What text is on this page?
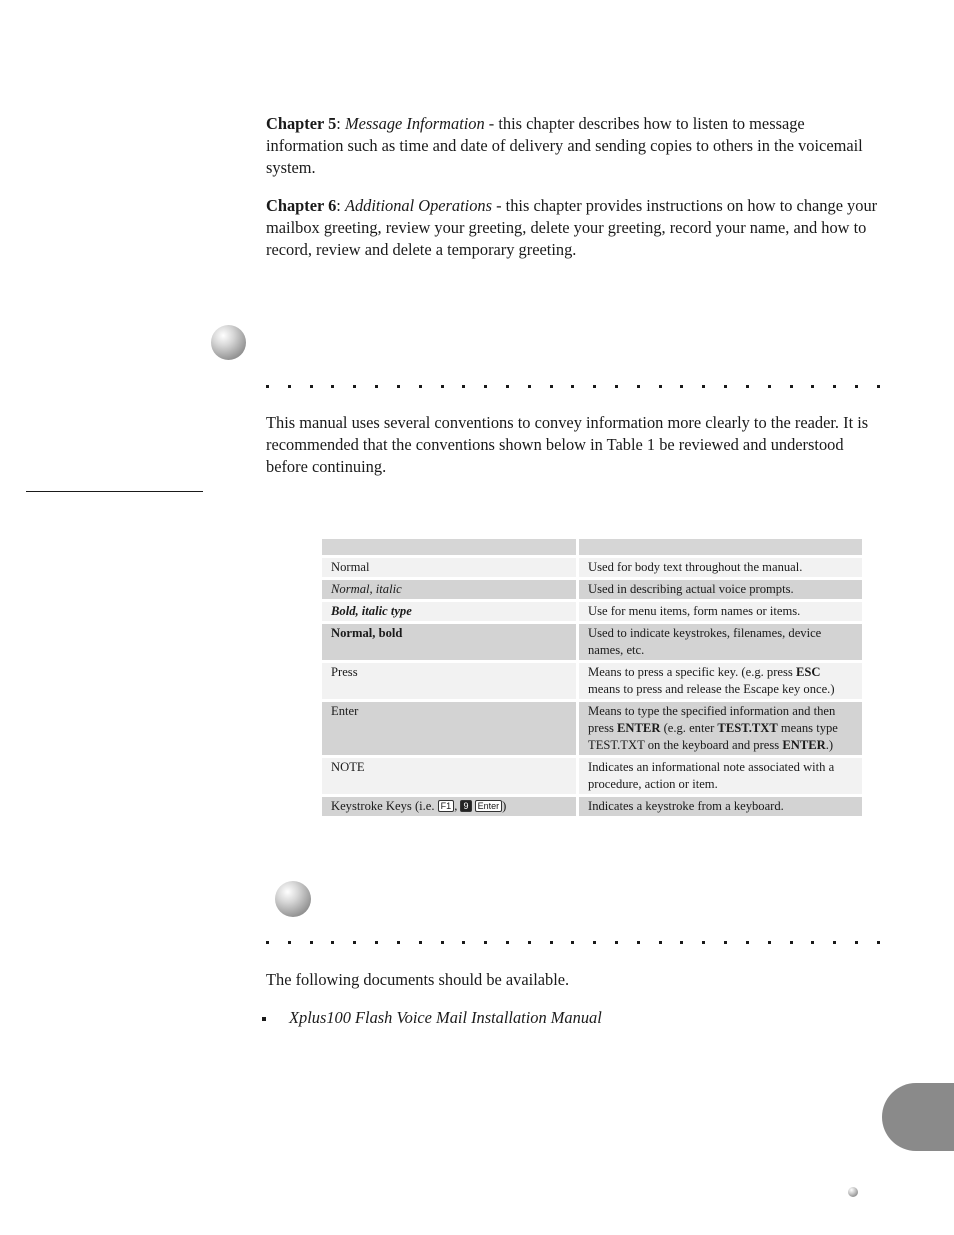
Chapter 5: Message Information - this chapter describes how to listen to message information such as time and date of delivery and sending copies to others in the voicemail system.

Chapter 6: Additional Operations - this chapter provides instructions on how to change your mailbox greeting, review your greeting, delete your greeting, record your name, and how to record, review and delete a temporary greeting.

This manual uses several conventions to convey information more clearly to the reader. It is recommended that the conventions shown below in Table 1 be reviewed and understood before continuing.

Normal	Used for body text throughout the manual.
Normal, italic	Used in describing actual voice prompts.
Bold, italic type	Use for menu items, form names or items.
Normal, bold	Used to indicate keystrokes, filenames, device names, etc.
Press	Means to press a specific key. (e.g. press ESC means to press and release the Escape key once.)
Enter	Means to type the specified information and then press ENTER (e.g. enter TEST.TXT means type TEST.TXT on the keyboard and press ENTER.)
NOTE	Indicates an informational note associated with a procedure, action or item.
Keystroke Keys (i.e. F1 , 9 Enter )	Indicates a keystroke from a keyboard.

The following documents should be available.

Xplus100 Flash Voice Mail Installation Manual
